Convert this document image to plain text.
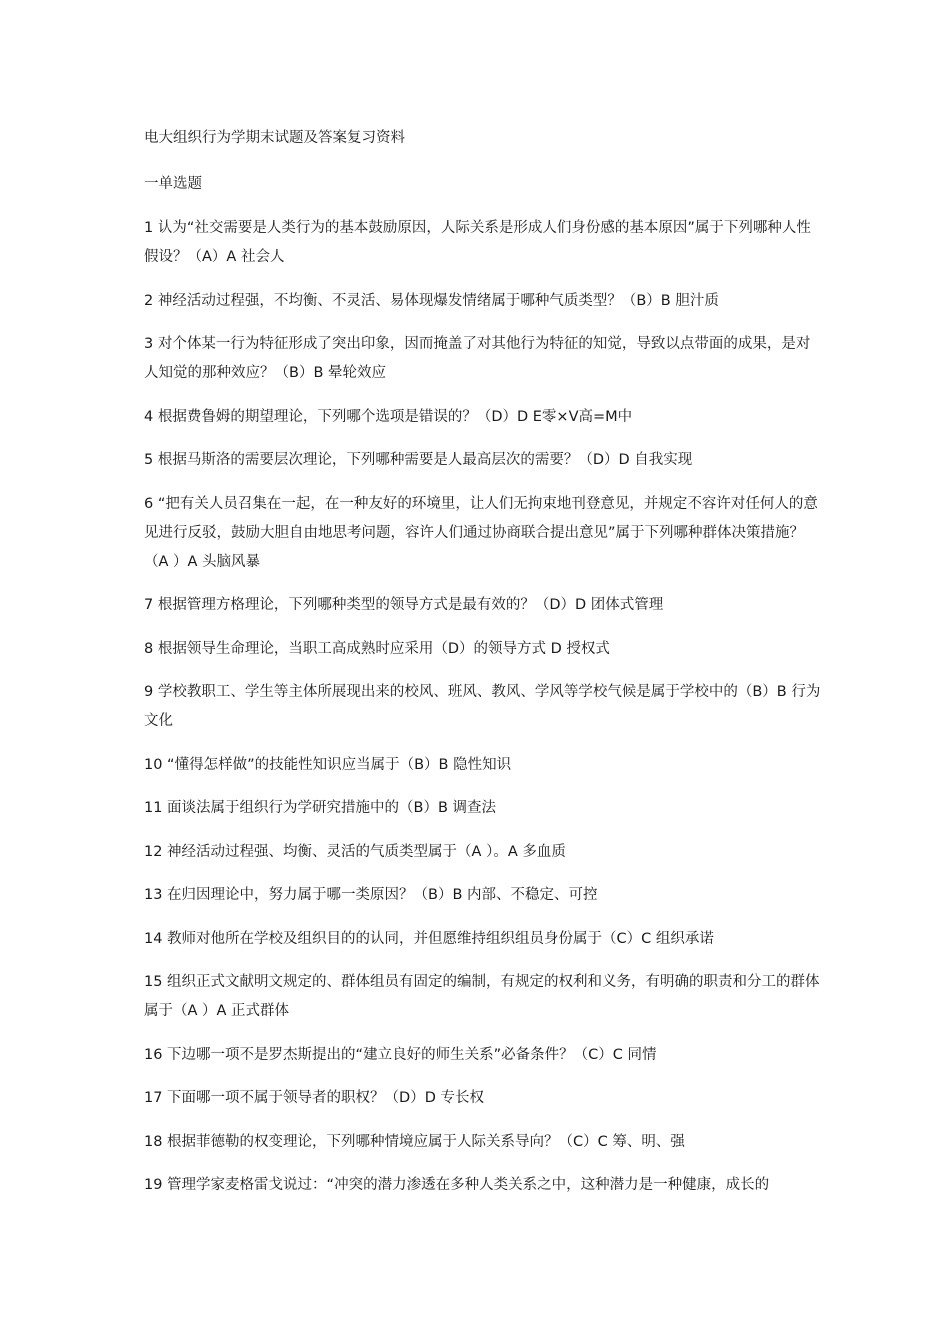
电大组织行为学期末试题及答案复习资料
一单选题
1 认为“社交需要是人类行为的基本鼓励原因，人际关系是形成人们身份感的基本原因”属于下列哪种人性假设？（A）A 社会人
2 神经活动过程强，不均衡、不灵活、易体现爆发情绪属于哪种气质类型？（B）B 胆汁质
3 对个体某一行为特征形成了突出印象，因而掩盖了对其他行为特征的知觉，导致以点带面的成果，是对人知觉的那种效应？（B）B 晕轮效应
4 根据费鲁姆的期望理论，下列哪个选项是错误的？（D）D E零×V高=M中
5 根据马斯洛的需要层次理论，下列哪种需要是人最高层次的需要？（D）D 自我实现
6 “把有关人员召集在一起，在一种友好的环境里，让人们无拘束地刊登意见，并规定不容许对任何人的意见进行反驳，鼓励大胆自由地思考问题，容许人们通过协商联合提出意见”属于下列哪种群体决策措施？（A ）A 头脑风暴
7 根据管理方格理论，下列哪种类型的领导方式是最有效的？（D）D 团体式管理
8 根据领导生命理论，当职工高成熟时应采用（D）的领导方式 D 授权式
9 学校教职工、学生等主体所展现出来的校风、班风、教风、学风等学校气候是属于学校中的（B）B 行为文化
10 “懂得怎样做”的技能性知识应当属于（B）B 隐性知识
11 面谈法属于组织行为学研究措施中的（B）B 调查法
12 神经活动过程强、均衡、灵活的气质类型属于（A ）。A 多血质
13 在归因理论中，努力属于哪一类原因？（B）B 内部、不稳定、可控
14 教师对他所在学校及组织目的的认同，并但愿维持组织组员身份属于（C）C 组织承诺
15 组织正式文献明文规定的、群体组员有固定的编制，有规定的权利和义务，有明确的职责和分工的群体属于（A ）A 正式群体
16 下边哪一项不是罗杰斯提出的“建立良好的师生关系”必备条件？（C）C 同情
17 下面哪一项不属于领导者的职权？（D）D 专长权
18 根据菲德勒的权变理论，下列哪种情境应属于人际关系导向？（C）C 筹、明、强
19 管理学家麦格雷戈说过：“冲突的潜力渗透在多种人类关系之中，这种潜力是一种健康，成长的
